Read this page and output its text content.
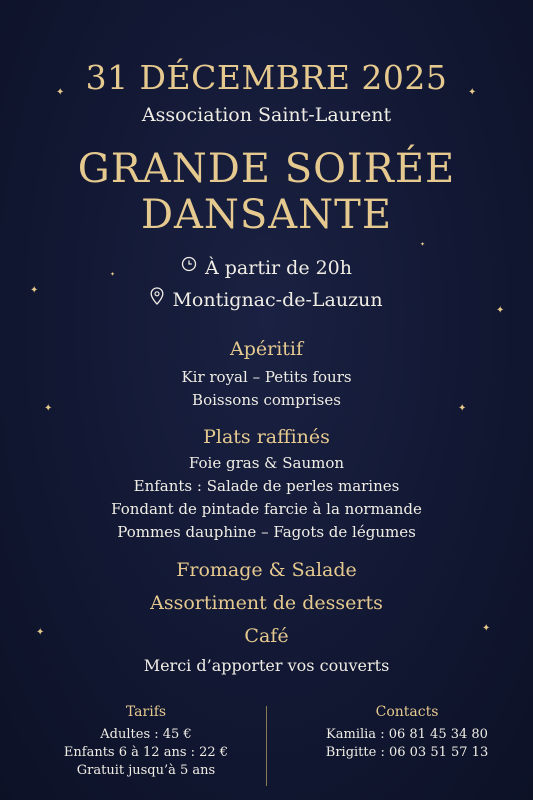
✦	✦
✦
✦
✦	✦
✦	✦
✦
✦
31 DÉCEMBRE 2025
Association Saint-Laurent
GRANDE SOIRÉE
DANSANTE
À partir de 20h
Montignac-de-Lauzun
Apéritif
Kir royal – Petits fours
Boissons comprises
Plats raffinés
Foie gras & Saumon
Enfants : Salade de perles marines
Fondant de pintade farcie à la normande
Pommes dauphine – Fagots de légumes
Fromage & Salade
Assortiment de desserts
Café
Merci d’apporter vos couverts
Tarifs
Adultes : 45 €
Enfants 6 à 12 ans : 22 €
Gratuit jusqu’à 5 ans
Contacts
Kamilia : 06 81 45 34 80
Brigitte : 06 03 51 57 13
